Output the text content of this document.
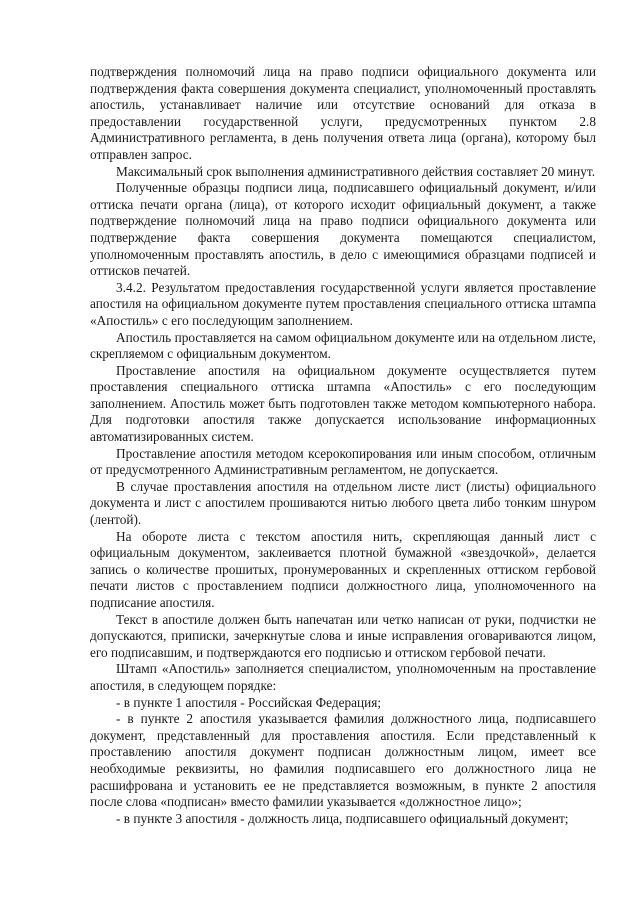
подтверждения полномочий лица на право подписи официального документа или подтверждения факта совершения документа специалист, уполномоченный проставлять апостиль, устанавливает наличие или отсутствие оснований для отказа в предоставлении государственной услуги, предусмотренных пунктом 2.8 Административного регламента, в день получения ответа лица (органа), которому был отправлен запрос.

Максимальный срок выполнения административного действия составляет 20 минут.

Полученные образцы подписи лица, подписавшего официальный документ, и/или оттиска печати органа (лица), от которого исходит официальный документ, а также подтверждение полномочий лица на право подписи официального документа или подтверждение факта совершения документа помещаются специалистом, уполномоченным проставлять апостиль, в дело с имеющимися образцами подписей и оттисков печатей.

3.4.2. Результатом предоставления государственной услуги является проставление апостиля на официальном документе путем проставления специального оттиска штампа «Апостиль» с его последующим заполнением.

Апостиль проставляется на самом официальном документе или на отдельном листе, скрепляемом с официальным документом.

Проставление апостиля на официальном документе осуществляется путем проставления специального оттиска штампа «Апостиль» с его последующим заполнением. Апостиль может быть подготовлен также методом компьютерного набора. Для подготовки апостиля также допускается использование информационных автоматизированных систем.

Проставление апостиля методом ксерокопирования или иным способом, отличным от предусмотренного Административным регламентом, не допускается.

В случае проставления апостиля на отдельном листе лист (листы) официального документа и лист с апостилем прошиваются нитью любого цвета либо тонким шнуром (лентой).

На обороте листа с текстом апостиля нить, скрепляющая данный лист с официальным документом, заклеивается плотной бумажной «звездочкой», делается запись о количестве прошитых, пронумерованных и скрепленных оттиском гербовой печати листов с проставлением подписи должностного лица, уполномоченного на подписание апостиля.

Текст в апостиле должен быть напечатан или четко написан от руки, подчистки не допускаются, приписки, зачеркнутые слова и иные исправления оговариваются лицом, его подписавшим, и подтверждаются его подписью и оттиском гербовой печати.

Штамп «Апостиль» заполняется специалистом, уполномоченным на проставление апостиля, в следующем порядке:

- в пункте 1 апостиля - Российская Федерация;

- в пункте 2 апостиля указывается фамилия должностного лица, подписавшего документ, представленный для проставления апостиля. Если представленный к проставлению апостиля документ подписан должностным лицом, имеет все необходимые реквизиты, но фамилия подписавшего его должностного лица не расшифрована и установить ее не представляется возможным, в пункте 2 апостиля после слова «подписан» вместо фамилии указывается «должностное лицо»;

- в пункте 3 апостиля - должность лица, подписавшего официальный документ;
